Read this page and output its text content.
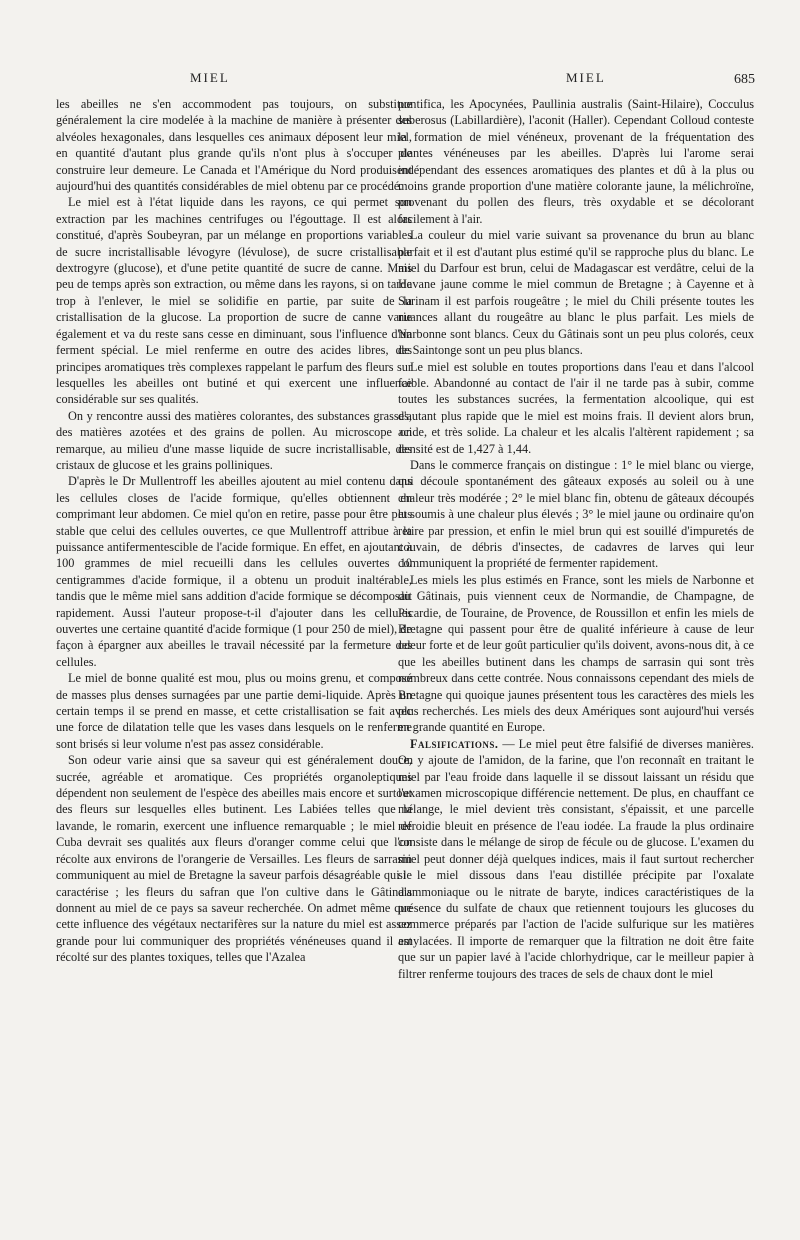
MIEL	MIEL	685

les abeilles ne s'en accommodent pas toujours, on substitue généralement la cire modelée à la machine de manière à présenter des alvéoles hexagonales, dans lesquelles ces animaux déposent leur miel, en quantité d'autant plus grande qu'ils n'ont plus à s'occuper de construire leur demeure. Le Canada et l'Amérique du Nord produisent aujourd'hui des quantités considérables de miel obtenu par ce procédé.

Le miel est à l'état liquide dans les rayons, ce qui permet son extraction par les machines centrifuges ou l'égouttage. Il est alors constitué, d'après Soubeyran, par un mélange en proportions variables de sucre incristallisable lévogyre (lévulose), de sucre cristallisable dextrogyre (glucose), et d'une petite quantité de sucre de canne. Mais peu de temps après son extraction, ou même dans les rayons, si on tarde trop à l'enlever, le miel se solidifie en partie, par suite de la cristallisation de la glucose. La proportion de sucre de canne varie également et va du reste sans cesse en diminuant, sous l'influence d'un ferment spécial. Le miel renferme en outre des acides libres, des principes aromatiques très complexes rappelant le parfum des fleurs sur lesquelles les abeilles ont butiné et qui exercent une influence considérable sur ses qualités.

On y rencontre aussi des matières colorantes, des substances grasses, des matières azotées et des grains de pollen. Au microscope on remarque, au milieu d'une masse liquide de sucre incristallisable, des cristaux de glucose et les grains polliniques.

D'après le Dr Mullentroff les abeilles ajoutent au miel contenu dans les cellules closes de l'acide formique, qu'elles obtiennent en comprimant leur abdomen. Ce miel qu'on en retire, passe pour être plus stable que celui des cellules ouvertes, ce que Mullentroff attribue à la puissance antifermentescible de l'acide formique. En effet, en ajoutant à 100 grammes de miel recueilli dans les cellules ouvertes 10 centigrammes d'acide formique, il a obtenu un produit inaltérable, tandis que le même miel sans addition d'acide formique se décomposait rapidement. Aussi l'auteur propose-t-il d'ajouter dans les cellules ouvertes une certaine quantité d'acide formique (1 pour 250 de miel), de façon à épargner aux abeilles le travail nécessité par la fermeture des cellules.

Le miel de bonne qualité est mou, plus ou moins grenu, et composé de masses plus denses surnagées par une partie demi-liquide. Après un certain temps il se prend en masse, et cette cristallisation se fait avec une force de dilatation telle que les vases dans lesquels on le renferme sont brisés si leur volume n'est pas assez considérable.

Son odeur varie ainsi que sa saveur qui est généralement douce, sucrée, agréable et aromatique. Ces propriétés organoleptiques dépendent non seulement de l'espèce des abeilles mais encore et surtout des fleurs sur lesquelles elles butinent. Les Labiées telles que la lavande, le romarin, exercent une influence remarquable ; le miel de Cuba devrait ses qualités aux fleurs d'oranger comme celui que l'on récolte aux environs de l'orangerie de Versailles. Les fleurs de sarrasin communiquent au miel de Bretagne la saveur parfois désagréable qui le caractérise ; les fleurs du safran que l'on cultive dans le Gâtinais donnent au miel de ce pays sa saveur recherchée. On admet même que cette influence des végétaux nectarifères sur la nature du miel est assez grande pour lui communiquer des propriétés vénéneuses quand il est récolté sur des plantes toxiques, telles que l'Azalea

pontifica, les Apocynées, Paullinia australis (Saint-Hilaire), Cocculus suberosus (Labillardière), l'aconit (Haller). Cependant Colloud conteste la formation de miel vénéneux, provenant de la fréquentation des plantes vénéneuses par les abeilles. D'après lui l'arome serai indépendant des essences aromatiques des plantes et dû à la plus ou moins grande proportion d'une matière colorante jaune, la mélichroïne, provenant du pollen des fleurs, très oxydable et se décolorant facilement à l'air.

La couleur du miel varie suivant sa provenance du brun au blanc parfait et il est d'autant plus estimé qu'il se rapproche plus du blanc. Le miel du Darfour est brun, celui de Madagascar est verdâtre, celui de la Havane jaune comme le miel commun de Bretagne ; à Cayenne et à Surinam il est parfois rougeâtre ; le miel du Chili présente toutes les nuances allant du rougeâtre au blanc le plus parfait. Les miels de Narbonne sont blancs. Ceux du Gâtinais sont un peu plus colorés, ceux de Saintonge sont un peu plus blancs.

Le miel est soluble en toutes proportions dans l'eau et dans l'alcool faible. Abandonné au contact de l'air il ne tarde pas à subir, comme toutes les substances sucrées, la fermentation alcoolique, qui est d'autant plus rapide que le miel est moins frais. Il devient alors brun, acide, et très solide. La chaleur et les alcalis l'altèrent rapidement ; sa densité est de 1,427 à 1,44.

Dans le commerce français on distingue : 1° le miel blanc ou vierge, qui découle spontanément des gâteaux exposés au soleil ou à une chaleur très modérée ; 2° le miel blanc fin, obtenu de gâteaux découpés et soumis à une chaleur plus élevés ; 3° le miel jaune ou ordinaire qu'on retire par pression, et enfin le miel brun qui est souillé d'impuretés de couvain, de débris d'insectes, de cadavres de larves qui leur communiquent la propriété de fermenter rapidement.

Les miels les plus estimés en France, sont les miels de Narbonne et du Gâtinais, puis viennent ceux de Normandie, de Champagne, de Picardie, de Touraine, de Provence, de Roussillon et enfin les miels de Bretagne qui passent pour être de qualité inférieure à cause de leur odeur forte et de leur goût particulier qu'ils doivent, avons-nous dit, à ce que les abeilles butinent dans les champs de sarrasin qui sont très nombreux dans cette contrée. Nous connaissons cependant des miels de Bretagne qui quoique jaunes présentent tous les caractères des miels les plus recherchés. Les miels des deux Amériques sont aujourd'hui versés en grande quantité en Europe.

Falsifications. — Le miel peut être falsifié de diverses manières. On y ajoute de l'amidon, de la farine, que l'on reconnaît en traitant le miel par l'eau froide dans laquelle il se dissout laissant un résidu que l'examen microscopique différencie nettement. De plus, en chauffant ce mélange, le miel devient très consistant, s'épaissit, et une parcelle refroidie bleuit en présence de l'eau iodée. La fraude la plus ordinaire consiste dans le mélange de sirop de fécule ou de glucose. L'examen du miel peut donner déjà quelques indices, mais il faut surtout rechercher si le miel dissous dans l'eau distillée précipite par l'oxalate d'ammoniaque ou le nitrate de baryte, indices caractéristiques de la présence du sulfate de chaux que retiennent toujours les glucoses du commerce préparés par l'action de l'acide sulfurique sur les matières amylacées. Il importe de remarquer que la filtration ne doit être faite que sur un papier lavé à l'acide chlorhydrique, car le meilleur papier à filtrer renferme toujours des traces de sels de chaux dont le miel
